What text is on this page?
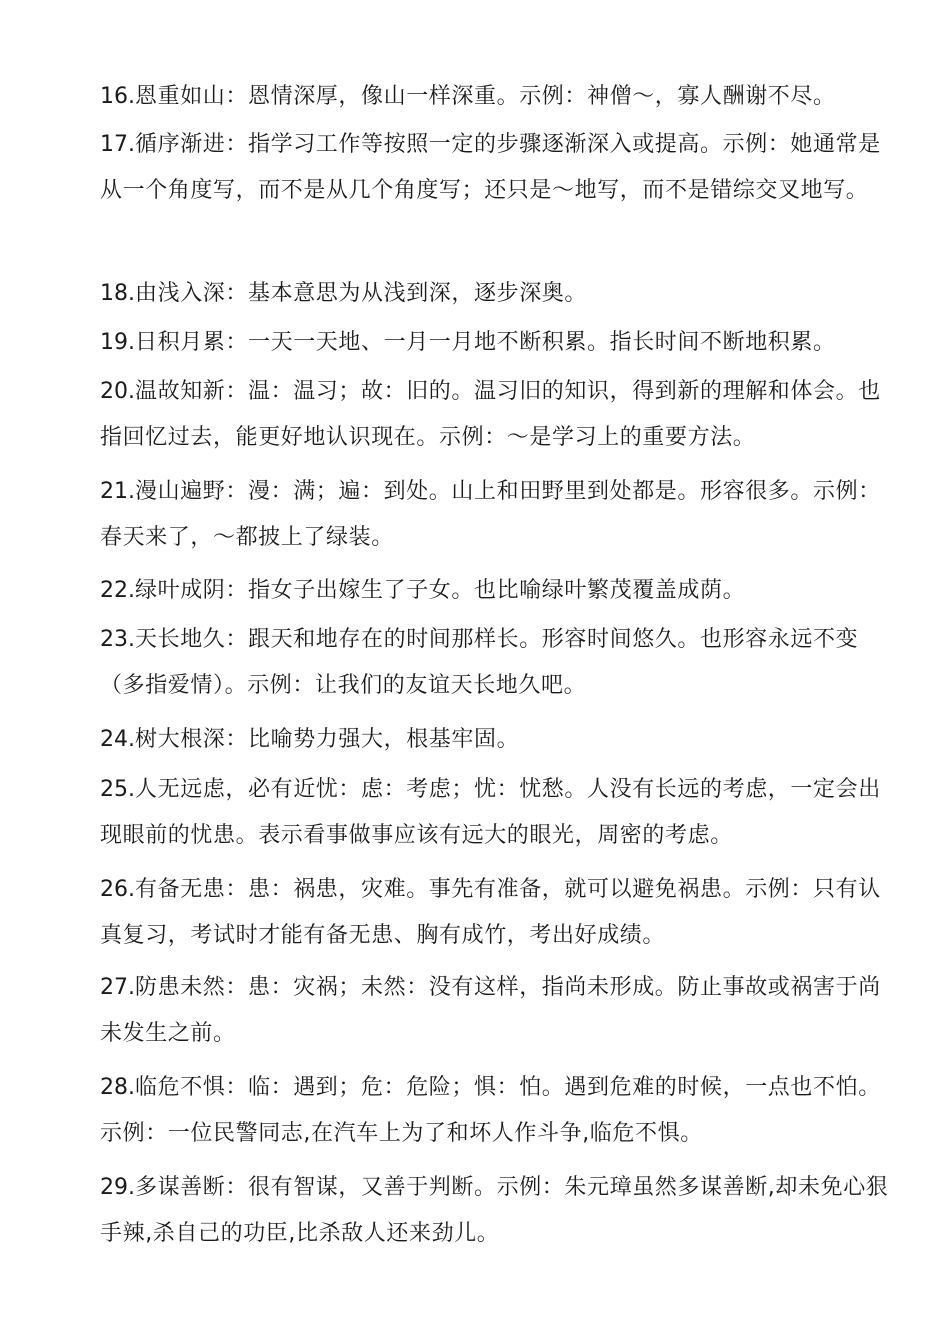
16.恩重如山：恩情深厚，像山一样深重。示例：神僧～，寡人酬谢不尽。
17.循序渐进：指学习工作等按照一定的步骤逐渐深入或提高。示例：她通常是从一个角度写，而不是从几个角度写；还只是～地写，而不是错综交叉地写。
18.由浅入深：基本意思为从浅到深，逐步深奥。
19.日积月累：一天一天地、一月一月地不断积累。指长时间不断地积累。
20.温故知新：温：温习；故：旧的。温习旧的知识，得到新的理解和体会。也指回忆过去，能更好地认识现在。示例：～是学习上的重要方法。
21.漫山遍野：漫：满；遍：到处。山上和田野里到处都是。形容很多。示例：春天来了，～都披上了绿装。
22.绿叶成阴：指女子出嫁生了子女。也比喻绿叶繁茂覆盖成荫。
23.天长地久：跟天和地存在的时间那样长。形容时间悠久。也形容永远不变（多指爱情）。示例：让我们的友谊天长地久吧。
24.树大根深：比喻势力强大，根基牢固。
25.人无远虑，必有近忧：虑：考虑；忧：忧愁。人没有长远的考虑，一定会出现眼前的忧患。表示看事做事应该有远大的眼光，周密的考虑。
26.有备无患：患：祸患，灾难。事先有准备，就可以避免祸患。示例：只有认真复习，考试时才能有备无患、胸有成竹，考出好成绩。
27.防患未然：患：灾祸；未然：没有这样，指尚未形成。防止事故或祸害于尚未发生之前。
28.临危不惧：临：遇到；危：危险；惧：怕。遇到危难的时候，一点也不怕。示例：一位民警同志,在汽车上为了和坏人作斗争,临危不惧。
29.多谋善断：很有智谋，又善于判断。示例：朱元璋虽然多谋善断,却未免心狠手辣,杀自己的功臣,比杀敌人还来劲儿。
